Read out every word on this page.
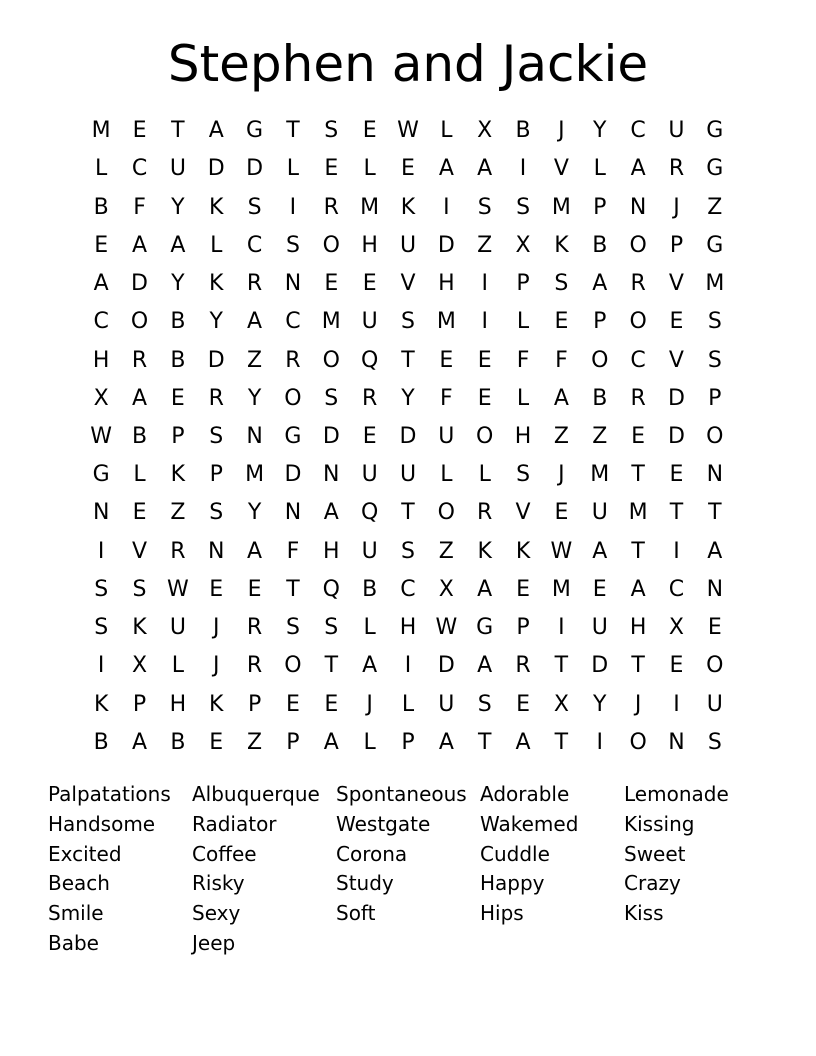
Stephen and Jackie
M E	T	A	G	T	S	E W L	X	B	J	Y	C	U G
L	C	U D D	L	E	L	E	A	A	I	V	L	A	R	G
B	F	Y	K	S	I	R M K	I	S	S M	P	N	J	Z
E	A	A	L	C	S	O H	U D	Z	X	K	B	O	P	G
A	D	Y	K	R	N	E	E	V	H	I	P	S	A	R	V M
C	O	B	Y	A	C M U	S M	I	L	E	P	O	E	S
H	R	B	D	Z	R	O Q	T	E	E	F	F	O	C	V	S
X	A	E	R	Y	O	S	R	Y	F	E	L	A	B	R	D	P
W B	P	S	N G D	E	D U O H	Z	Z	E	D O
G	L	K	P	M D N	U	U	L	L	S	J	M	T	E	N
N	E	Z	S	Y	N	A	Q	T	O	R	V	E	U M	T	T
I	V	R	N	A	F	H	U	S	Z	K	K W A	T	I	A
S	S W E	E	T	Q	B	C	X	A	E M E	A	C	N
S	K	U	J	R	S	S	L	H W G	P	I	U	H	X	E
I	X	L	J	R	O	T	A	I	D	A	R	T	D	T	E	O
K	P	H	K	P	E	E	J	L	U	S	E	X	Y	J	I	U
B	A	B	E	Z	P	A	L	P	A	T	A	T	I	O N	S
Palpatations
Handsome
Excited
Beach
Smile
Babe
Albuquerque
Radiator
Coffee
Risky
Sexy
Jeep
Spontaneous
Westgate
Corona
Study
Soft
Adorable
Wakemed
Cuddle
Happy
Hips
Lemonade
Kissing
Sweet
Crazy
Kiss
